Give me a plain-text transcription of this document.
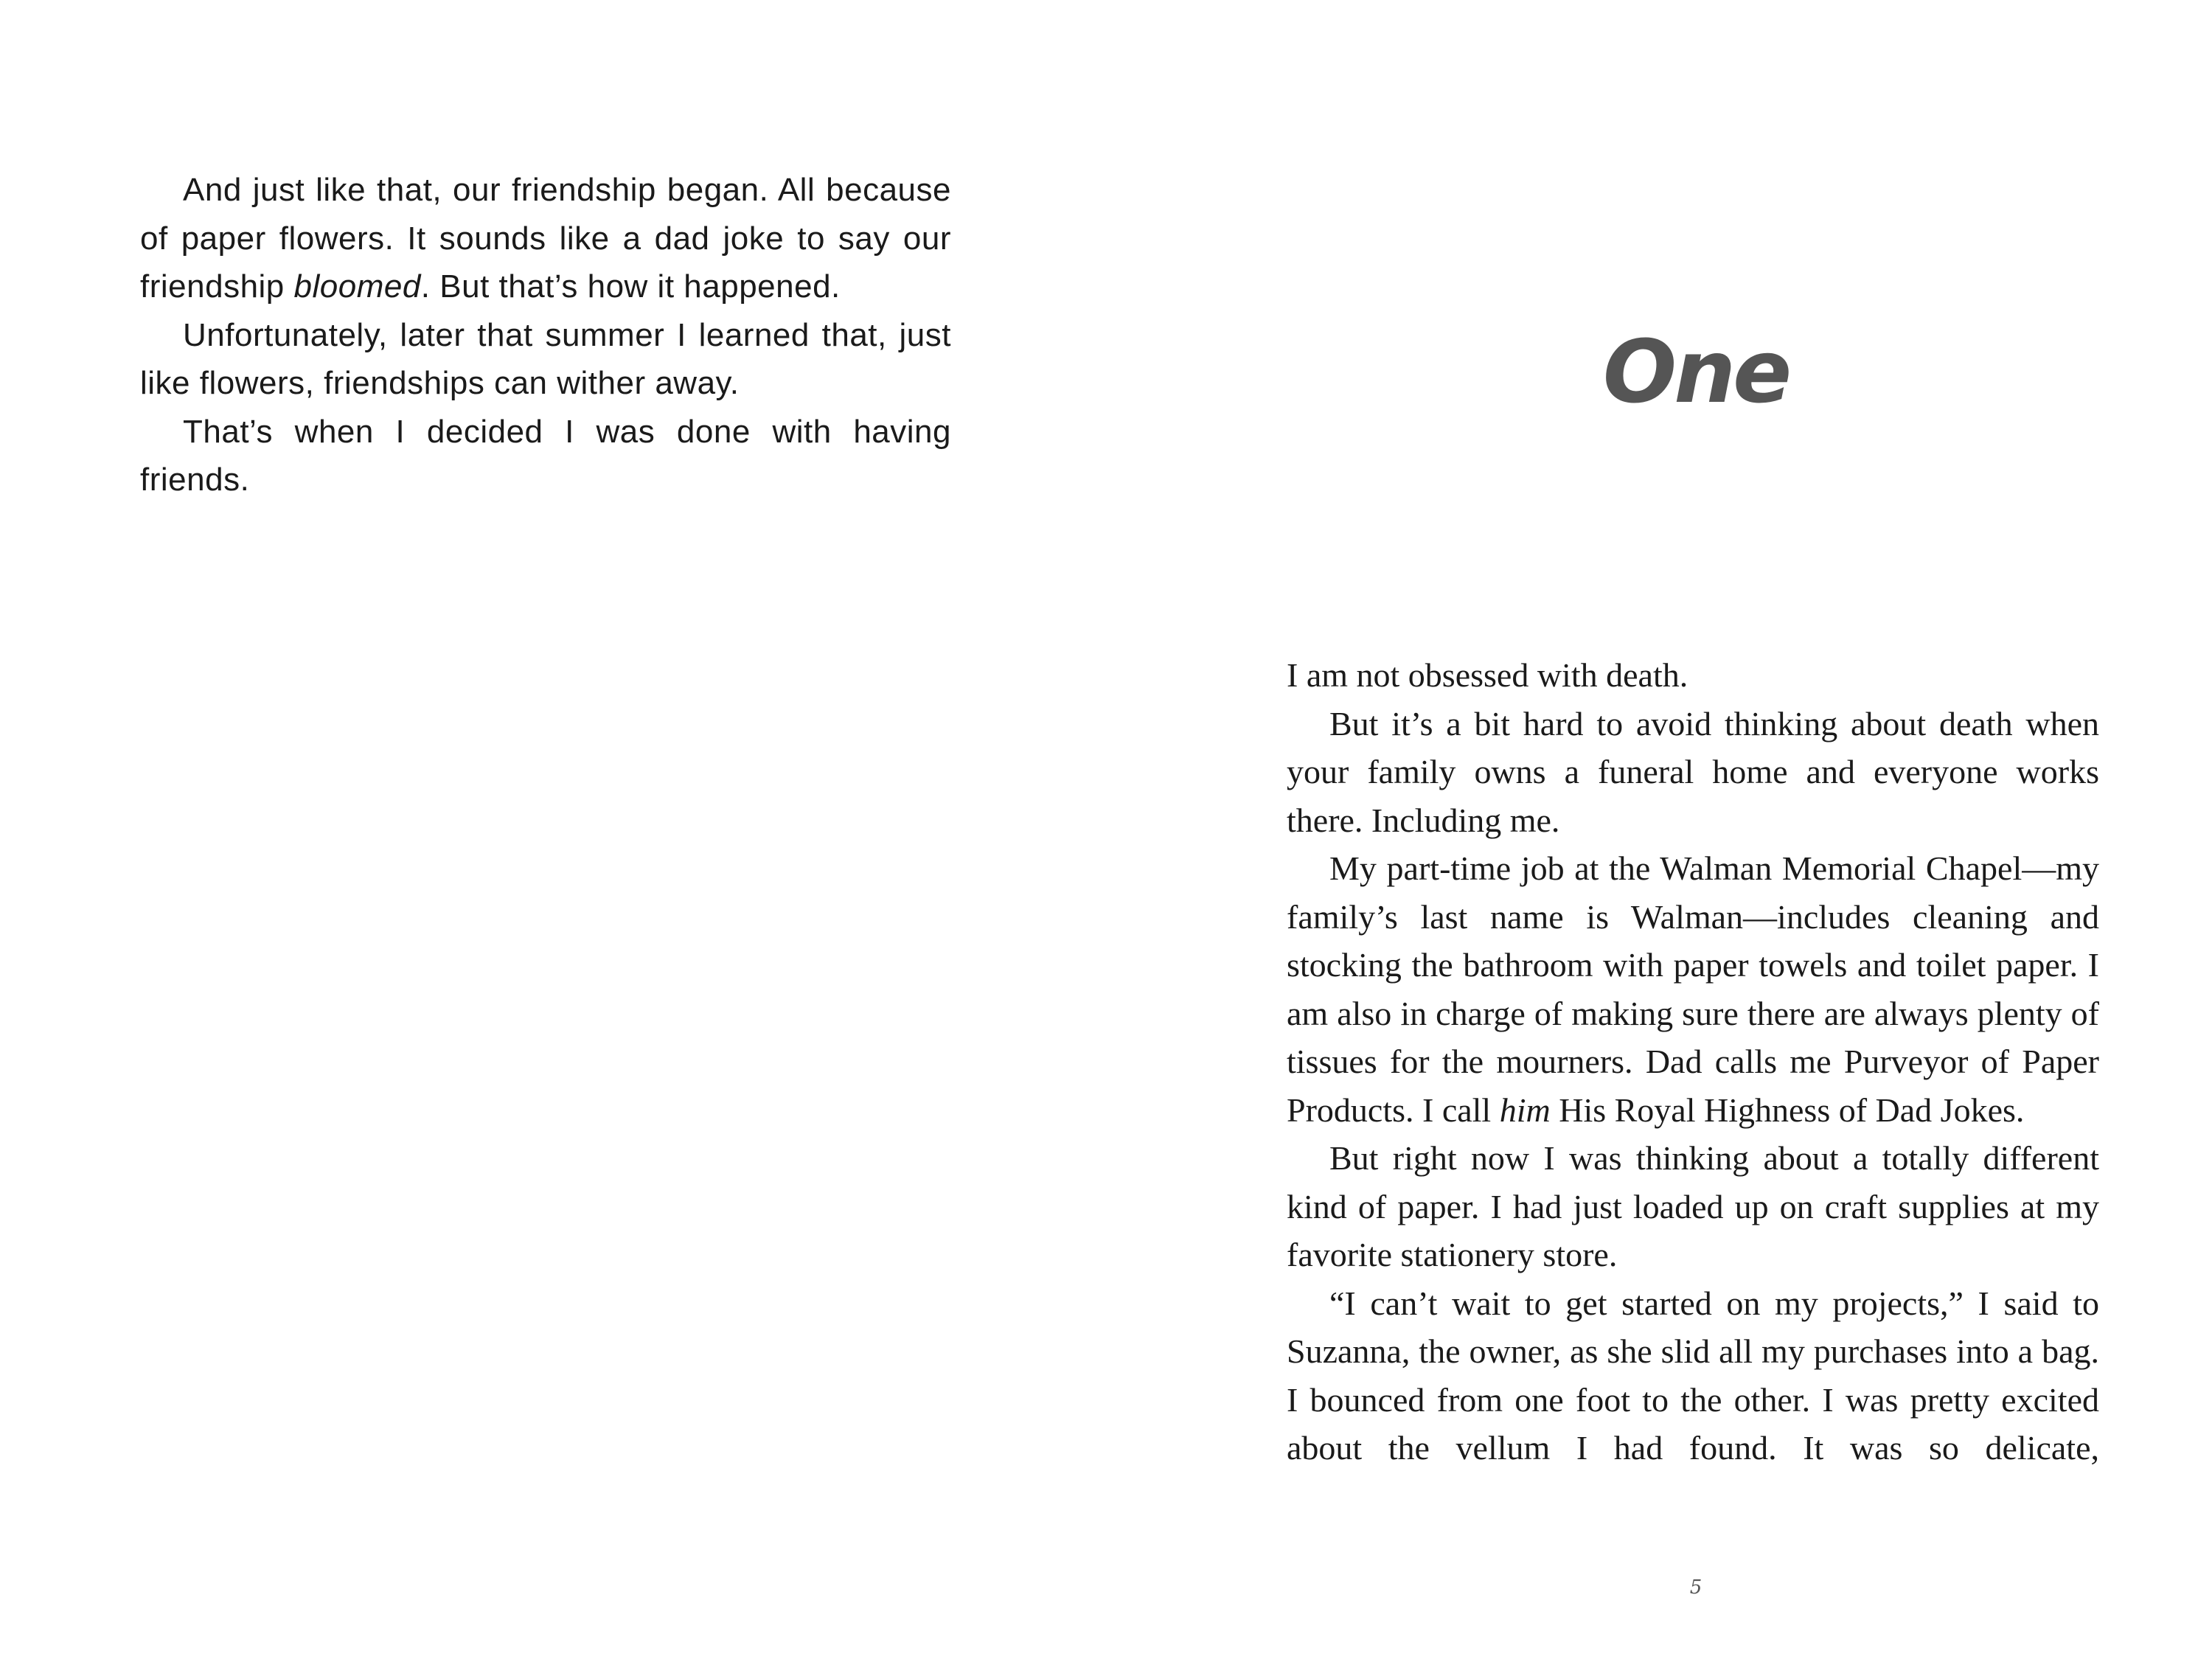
And just like that, our friendship began. All because of paper flowers. It sounds like a dad joke to say our friendship bloomed. But that’s how it happened.

Unfortunately, later that summer I learned that, just like flowers, friendships can wither away.

That’s when I decided I was done with having friends.

One

I am not obsessed with death.

But it’s a bit hard to avoid thinking about death when your family owns a funeral home and everyone works there. Including me.

My part-time job at the Walman Memorial Chapel—my family’s last name is Walman—includes cleaning and stocking the bathroom with paper towels and toilet paper. I am also in charge of making sure there are always plenty of tissues for the mourners. Dad calls me Purveyor of Paper Products. I call him His Royal Highness of Dad Jokes.

But right now I was thinking about a totally different kind of paper. I had just loaded up on craft supplies at my favorite stationery store.

“I can’t wait to get started on my projects,” I said to Suzanna, the owner, as she slid all my purchases into a bag. I bounced from one foot to the other. I was pretty excited about the vellum I had found. It was so delicate,

5
